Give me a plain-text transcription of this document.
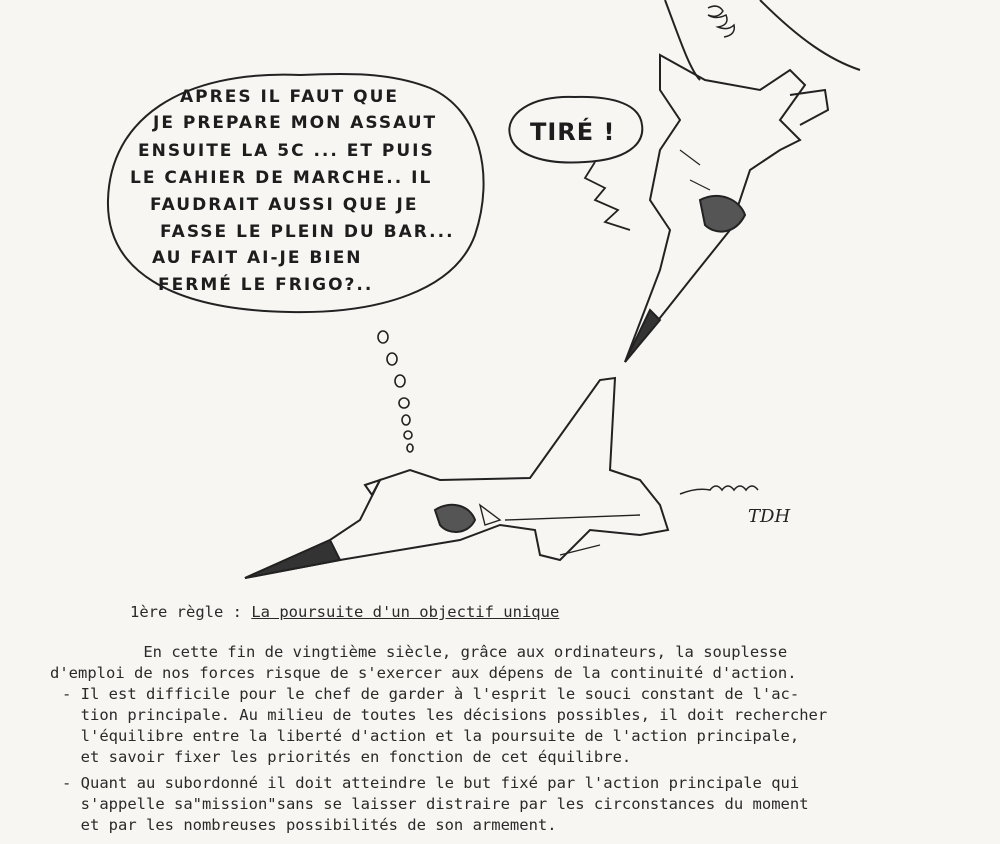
APRES IL FAUT QUE
JE PREPARE MON ASSAUT
ENSUITE LA 5C ... ET PUIS
LE CAHIER DE MARCHE.. IL
FAUDRAIT AUSSI QUE JE
FASSE LE PLEIN DU BAR...
AU FAIT AI-JE BIEN
FERMÉ LE FRIGO?..
TIRÉ !
TDH
1ère règle : La poursuite d'un objectif unique
En cette fin de vingtième siècle, grâce aux ordinateurs, la souplesse
d'emploi de nos forces risque de s'exercer aux dépens de la continuité d'action.
- Il est difficile pour le chef de garder à l'esprit le souci constant de l'ac-
tion principale. Au milieu de toutes les décisions possibles, il doit rechercher
l'équilibre entre la liberté d'action et la poursuite de l'action principale,
et savoir fixer les priorités en fonction de cet équilibre.
- Quant au subordonné il doit atteindre le but fixé par l'action principale qui
s'appelle sa"mission"sans se laisser distraire par les circonstances du moment
et par les nombreuses possibilités de son armement.
